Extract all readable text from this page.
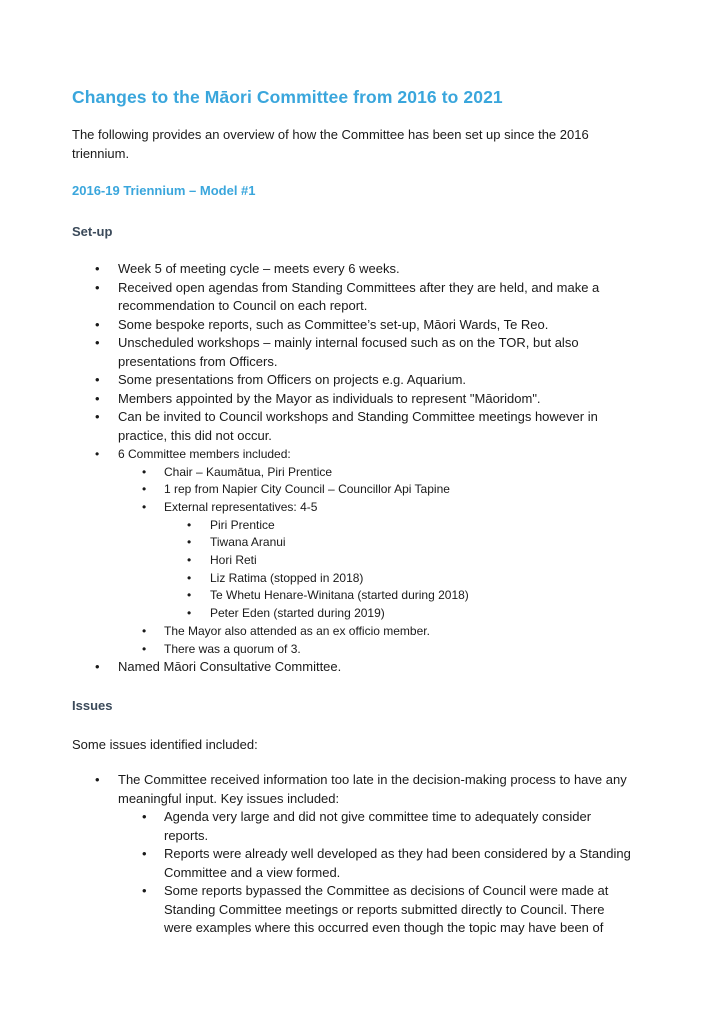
Changes to the Māori Committee from 2016 to 2021

The following provides an overview of how the Committee has been set up since the 2016 triennium.

2016-19 Triennium – Model #1
Set-up
• Week 5 of meeting cycle – meets every 6 weeks.
• Received open agendas from Standing Committees after they are held, and make a recommendation to Council on each report.
• Some bespoke reports, such as Committee’s set-up, Māori Wards, Te Reo.
• Unscheduled workshops – mainly internal focused such as on the TOR, but also presentations from Officers.
• Some presentations from Officers on projects e.g. Aquarium.
• Members appointed by the Mayor as individuals to represent "Māoridom".
• Can be invited to Council workshops and Standing Committee meetings however in practice, this did not occur.
• 6 Committee members included:
• Chair – Kaumātua, Piri Prentice
• 1 rep from Napier City Council – Councillor Api Tapine
• External representatives: 4-5
• Piri Prentice
• Tiwana Aranui
• Hori Reti
• Liz Ratima (stopped in 2018)
• Te Whetu Henare-Winitana (started during 2018)
• Peter Eden (started during 2019)
• The Mayor also attended as an ex officio member.
• There was a quorum of 3.
• Named Māori Consultative Committee.
Issues

Some issues identified included:

• The Committee received information too late in the decision-making process to have any meaningful input. Key issues included:
• Agenda very large and did not give committee time to adequately consider reports.
• Reports were already well developed as they had been considered by a Standing Committee and a view formed.
• Some reports bypassed the Committee as decisions of Council were made at Standing Committee meetings or reports submitted directly to Council. There were examples where this occurred even though the topic may have been of
